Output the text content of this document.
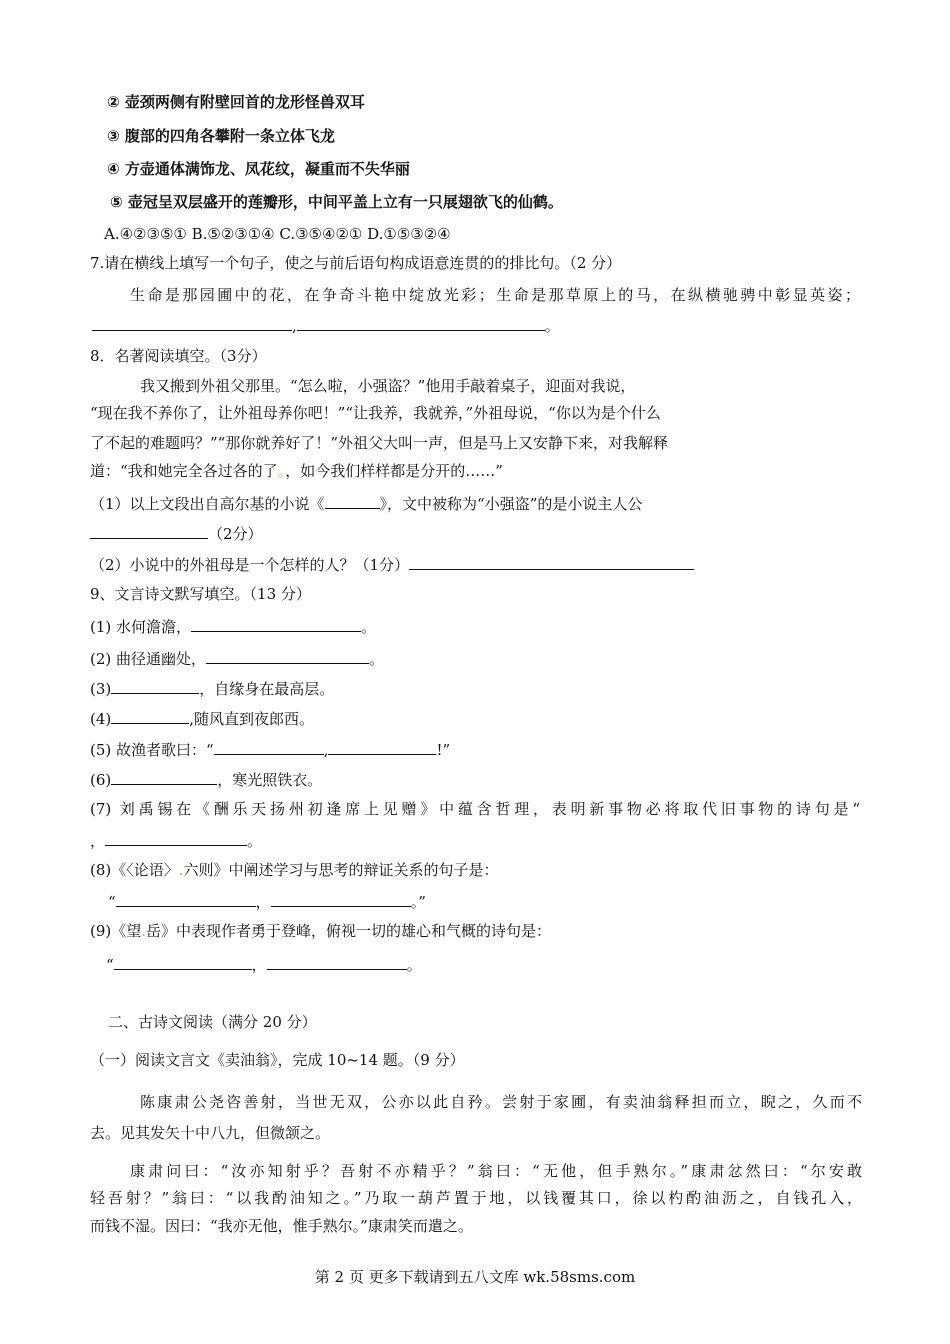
② 壶颈两侧有附壁回首的龙形怪兽双耳
③ 腹部的四角各攀附一条立体飞龙
④ 方壶通体满饰龙、凤花纹，凝重而不失华丽
⑤ 壶冠呈双层盛开的莲瓣形，中间平盖上立有一只展翅欲飞的仙鹤。
A.④②③⑤① B.⑤②③①④ C.③⑤④②① D.①⑤③②④
7.请在横线上填写一个句子，使之与前后语句构成语意连贯的的排比句。（2 分）
生命是那园圃中的花，在争奇斗艳中绽放光彩；生命是那草原上的马，在纵横驰骋中彰显英姿；
,	。
8．名著阅读填空。（3分）
我又搬到外祖父那里。“怎么啦，小强盗？”他用手敲着桌子，迎面对我说，
“现在我不养你了，让外祖母养你吧！”“让我养，我就养，”外祖母说，“你以为是个什么
了不起的难题吗？”“那你就养好了！”外祖父大叫一声，但是马上又安静下来，对我解释
道：“我和她完全各过各的了。，如今我们样样都是分开的……”
（1）以上文段出自高尔基的小说《	》，文中被称为“小强盗”的是小说主人公
（2分）
（2）小说中的外祖母是一个怎样的人？（1分）
9、文言诗文默写填空。（13 分）
(1) 水何澹澹，	。
(2) 曲径通幽处，	。
(3)	，自缘身在最高层。
(4)	,随风直到夜郎西。
(5) 故渔者歌曰：“	,	!”
(6)	，寒光照铁衣。
(7) 刘禹锡在《酬乐天扬州初逢席上见赠》中蕴含哲理，表明新事物必将取代旧事物的诗句是“
，	。
(8)《〈论语〉.六则》中阐述学习与思考的辩证关系的句子是：
“	，	。”
(9)《望.岳》中表现作者勇于登峰，俯视一切的雄心和气概的诗句是：
“	，	。
二、古诗文阅读（满分 20 分）
（一）阅读文言文《卖油翁》，完成 10~14 题。（9 分）
陈康肃公尧咨善射，当世无双，公亦以此自矜。尝射于家圃，有卖油翁释担而立，睨之，久而不
去。见其发矢十中八九，但微颔之。
康肃问曰：“汝亦知射乎？吾射不亦精乎？”翁曰：“无他，但手熟尔。”康肃忿然曰：“尔安敢
轻吾射？”翁曰：“以我酌油知之。”乃取一葫芦置于地，以钱覆其口，徐以杓酌油沥之，自钱孔入，
而钱不湿。因曰：“我亦无他，惟手熟尔。”康肃笑而遣之。
第 2 页 更多下载请到五八文库 wk.58sms.com
